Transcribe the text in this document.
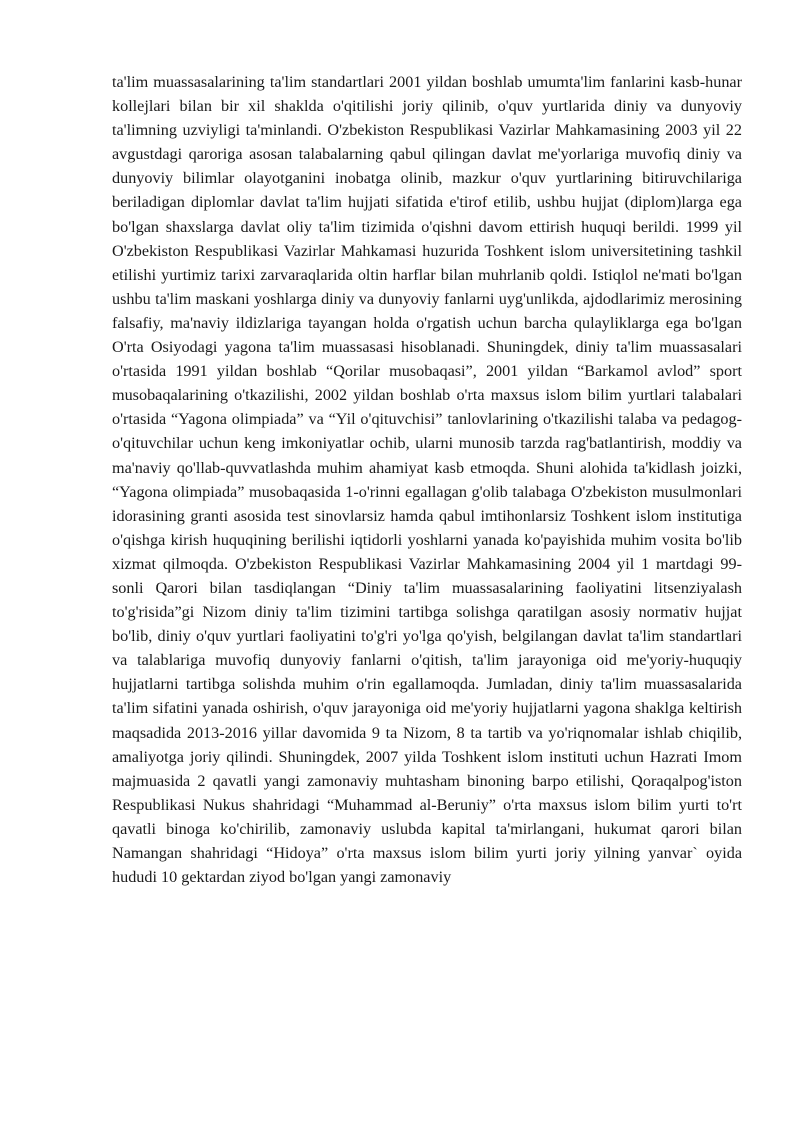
ta'lim muassasalarining ta'lim standartlari 2001 yildan boshlab umumta'lim fanlarini kasb-hunar kollejlari bilan bir xil shaklda o'qitilishi joriy qilinib, o'quv yurtlarida diniy va dunyoviy ta'limning uzviyligi ta'minlandi. O'zbekiston Respublikasi Vazirlar Mahkamasining 2003 yil 22 avgustdagi qaroriga asosan talabalarning qabul qilingan davlat me'yorlariga muvofiq diniy va dunyoviy bilimlar olayotganini inobatga olinib, mazkur o'quv yurtlarining bitiruvchilariga beriladigan diplomlar davlat ta'lim hujjati sifatida e'tirof etilib, ushbu hujjat (diplom)larga ega bo'lgan shaxslarga davlat oliy ta'lim tizimida o'qishni davom ettirish huquqi berildi. 1999 yil O'zbekiston Respublikasi Vazirlar Mahkamasi huzurida Toshkent islom universitetining tashkil etilishi yurtimiz tarixi zarvaraqlarida oltin harflar bilan muhrlanib qoldi. Istiqlol ne'mati bo'lgan ushbu ta'lim maskani yoshlarga diniy va dunyoviy fanlarni uyg'unlikda, ajdodlarimiz merosining falsafiy, ma'naviy ildizlariga tayangan holda o'rgatish uchun barcha qulayliklarga ega bo'lgan O'rta Osiyodagi yagona ta'lim muassasasi hisoblanadi. Shuningdek, diniy ta'lim muassasalari o'rtasida 1991 yildan boshlab “Qorilar musobaqasi”, 2001 yildan “Barkamol avlod” sport musobaqalarining o'tkazilishi, 2002 yildan boshlab o'rta maxsus islom bilim yurtlari talabalari o'rtasida “Yagona olimpiada” va “Yil o'qituvchisi” tanlovlarining o'tkazilishi talaba va pedagog-o'qituvchilar uchun keng imkoniyatlar ochib, ularni munosib tarzda rag'batlantirish, moddiy va ma'naviy qo'llab-quvvatlashda muhim ahamiyat kasb etmoqda. Shuni alohida ta'kidlash joizki, “Yagona olimpiada” musobaqasida 1-o'rinni egallagan g'olib talabaga O'zbekiston musulmonlari idorasining granti asosida test sinovlarsiz hamda qabul imtihonlarsiz Toshkent islom institutiga o'qishga kirish huquqining berilishi iqtidorli yoshlarni yanada ko'payishida muhim vosita bo'lib xizmat qilmoqda. O'zbekiston Respublikasi Vazirlar Mahkamasining 2004 yil 1 martdagi 99-sonli Qarori bilan tasdiqlangan “Diniy ta'lim muassasalarining faoliyatini litsenziyalash to'g'risida”gi Nizom diniy ta'lim tizimini tartibga solishga qaratilgan asosiy normativ hujjat bo'lib, diniy o'quv yurtlari faoliyatini to'g'ri yo'lga qo'yish, belgilangan davlat ta'lim standartlari va talablariga muvofiq dunyoviy fanlarni o'qitish, ta'lim jarayoniga oid me'yoriy-huquqiy hujjatlarni tartibga solishda muhim o'rin egallamoqda. Jumladan, diniy ta'lim muassasalarida ta'lim sifatini yanada oshirish, o'quv jarayoniga oid me'yoriy hujjatlarni yagona shaklga keltirish maqsadida 2013-2016 yillar davomida 9 ta Nizom, 8 ta tartib va yo'riqnomalar ishlab chiqilib, amaliyotga joriy qilindi. Shuningdek, 2007 yilda Toshkent islom instituti uchun Hazrati Imom majmuasida 2 qavatli yangi zamonaviy muhtasham binoning barpo etilishi, Qoraqalpog'iston Respublikasi Nukus shahridagi “Muhammad al-Beruniy” o'rta maxsus islom bilim yurti to'rt qavatli binoga ko'chirilib, zamonaviy uslubda kapital ta'mirlangani, hukumat qarori bilan Namangan shahridagi “Hidoya” o'rta maxsus islom bilim yurti joriy yilning yanvar` oyida hududi 10 gektardan ziyod bo'lgan yangi zamonaviy
